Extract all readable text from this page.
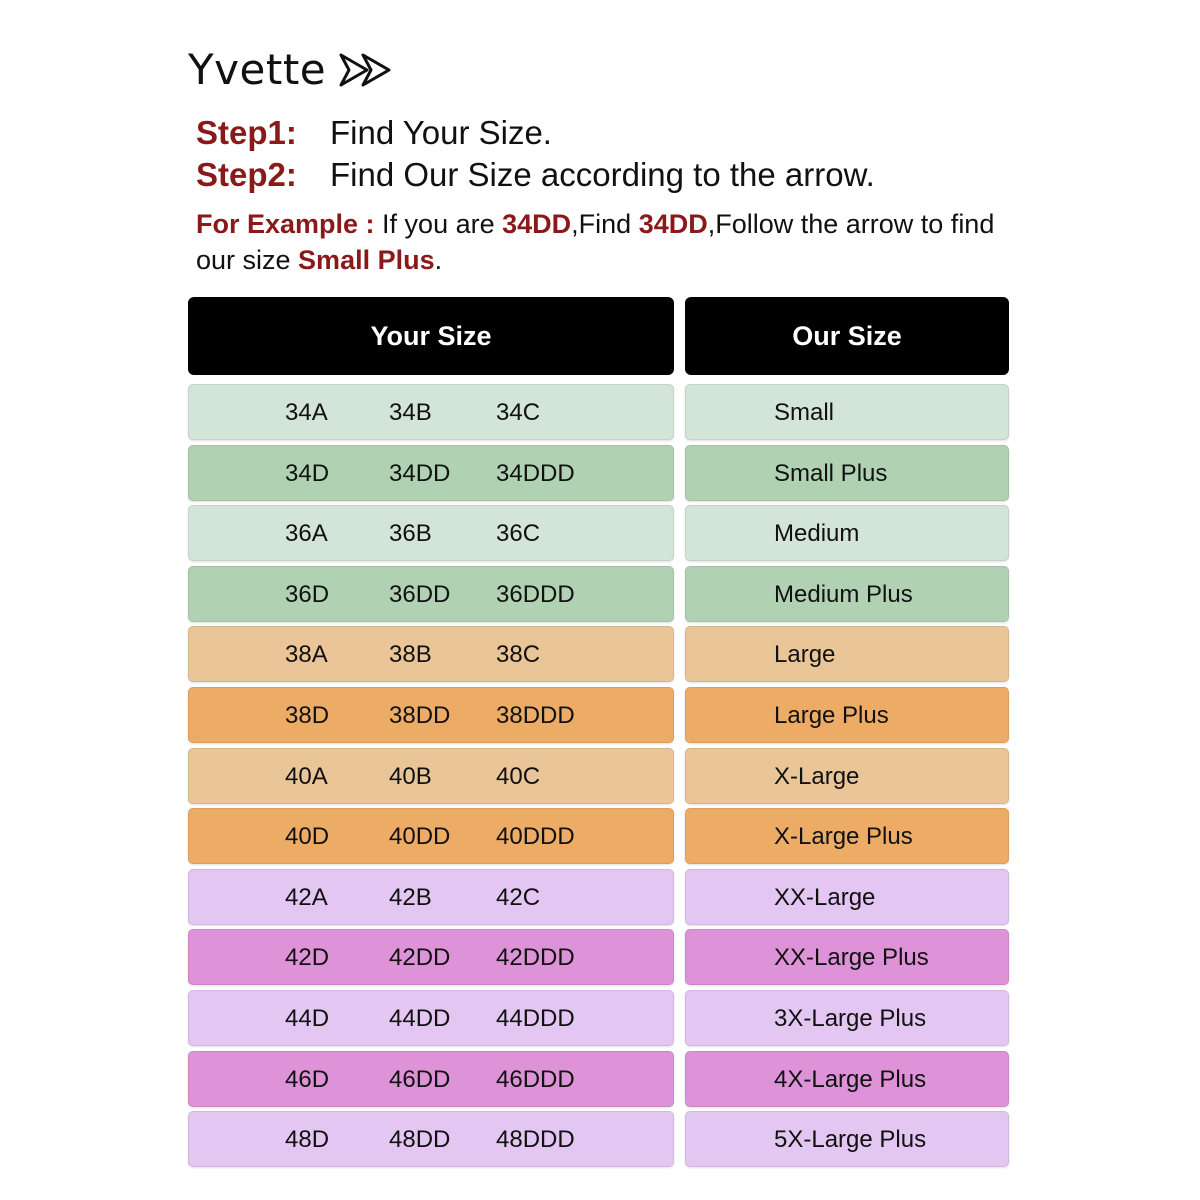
Yvette
Step1:	Find Your Size.
Step2:	Find Our Size according to the arrow.
For Example : If you are 34DD,Find 34DD,Follow the arrow to find our size Small Plus.
Your Size	Our Size
34A	34B	34C	Small
34D 34DD 34DDD	Small Plus
36A	36B	36C	Medium
36D 36DD 36DDD	Medium Plus
38A	38B	38C	Large
38D 38DD 38DDD	Large Plus
40A	40B	40C	X-Large
40D 40DD 40DDD	X-Large Plus
42A	42B	42C	XX-Large
42D 42DD 42DDD	XX-Large Plus
44D 44DD 44DDD	3X-Large Plus
46D 46DD 46DDD	4X-Large Plus
48D 48DD 48DDD	5X-Large Plus
